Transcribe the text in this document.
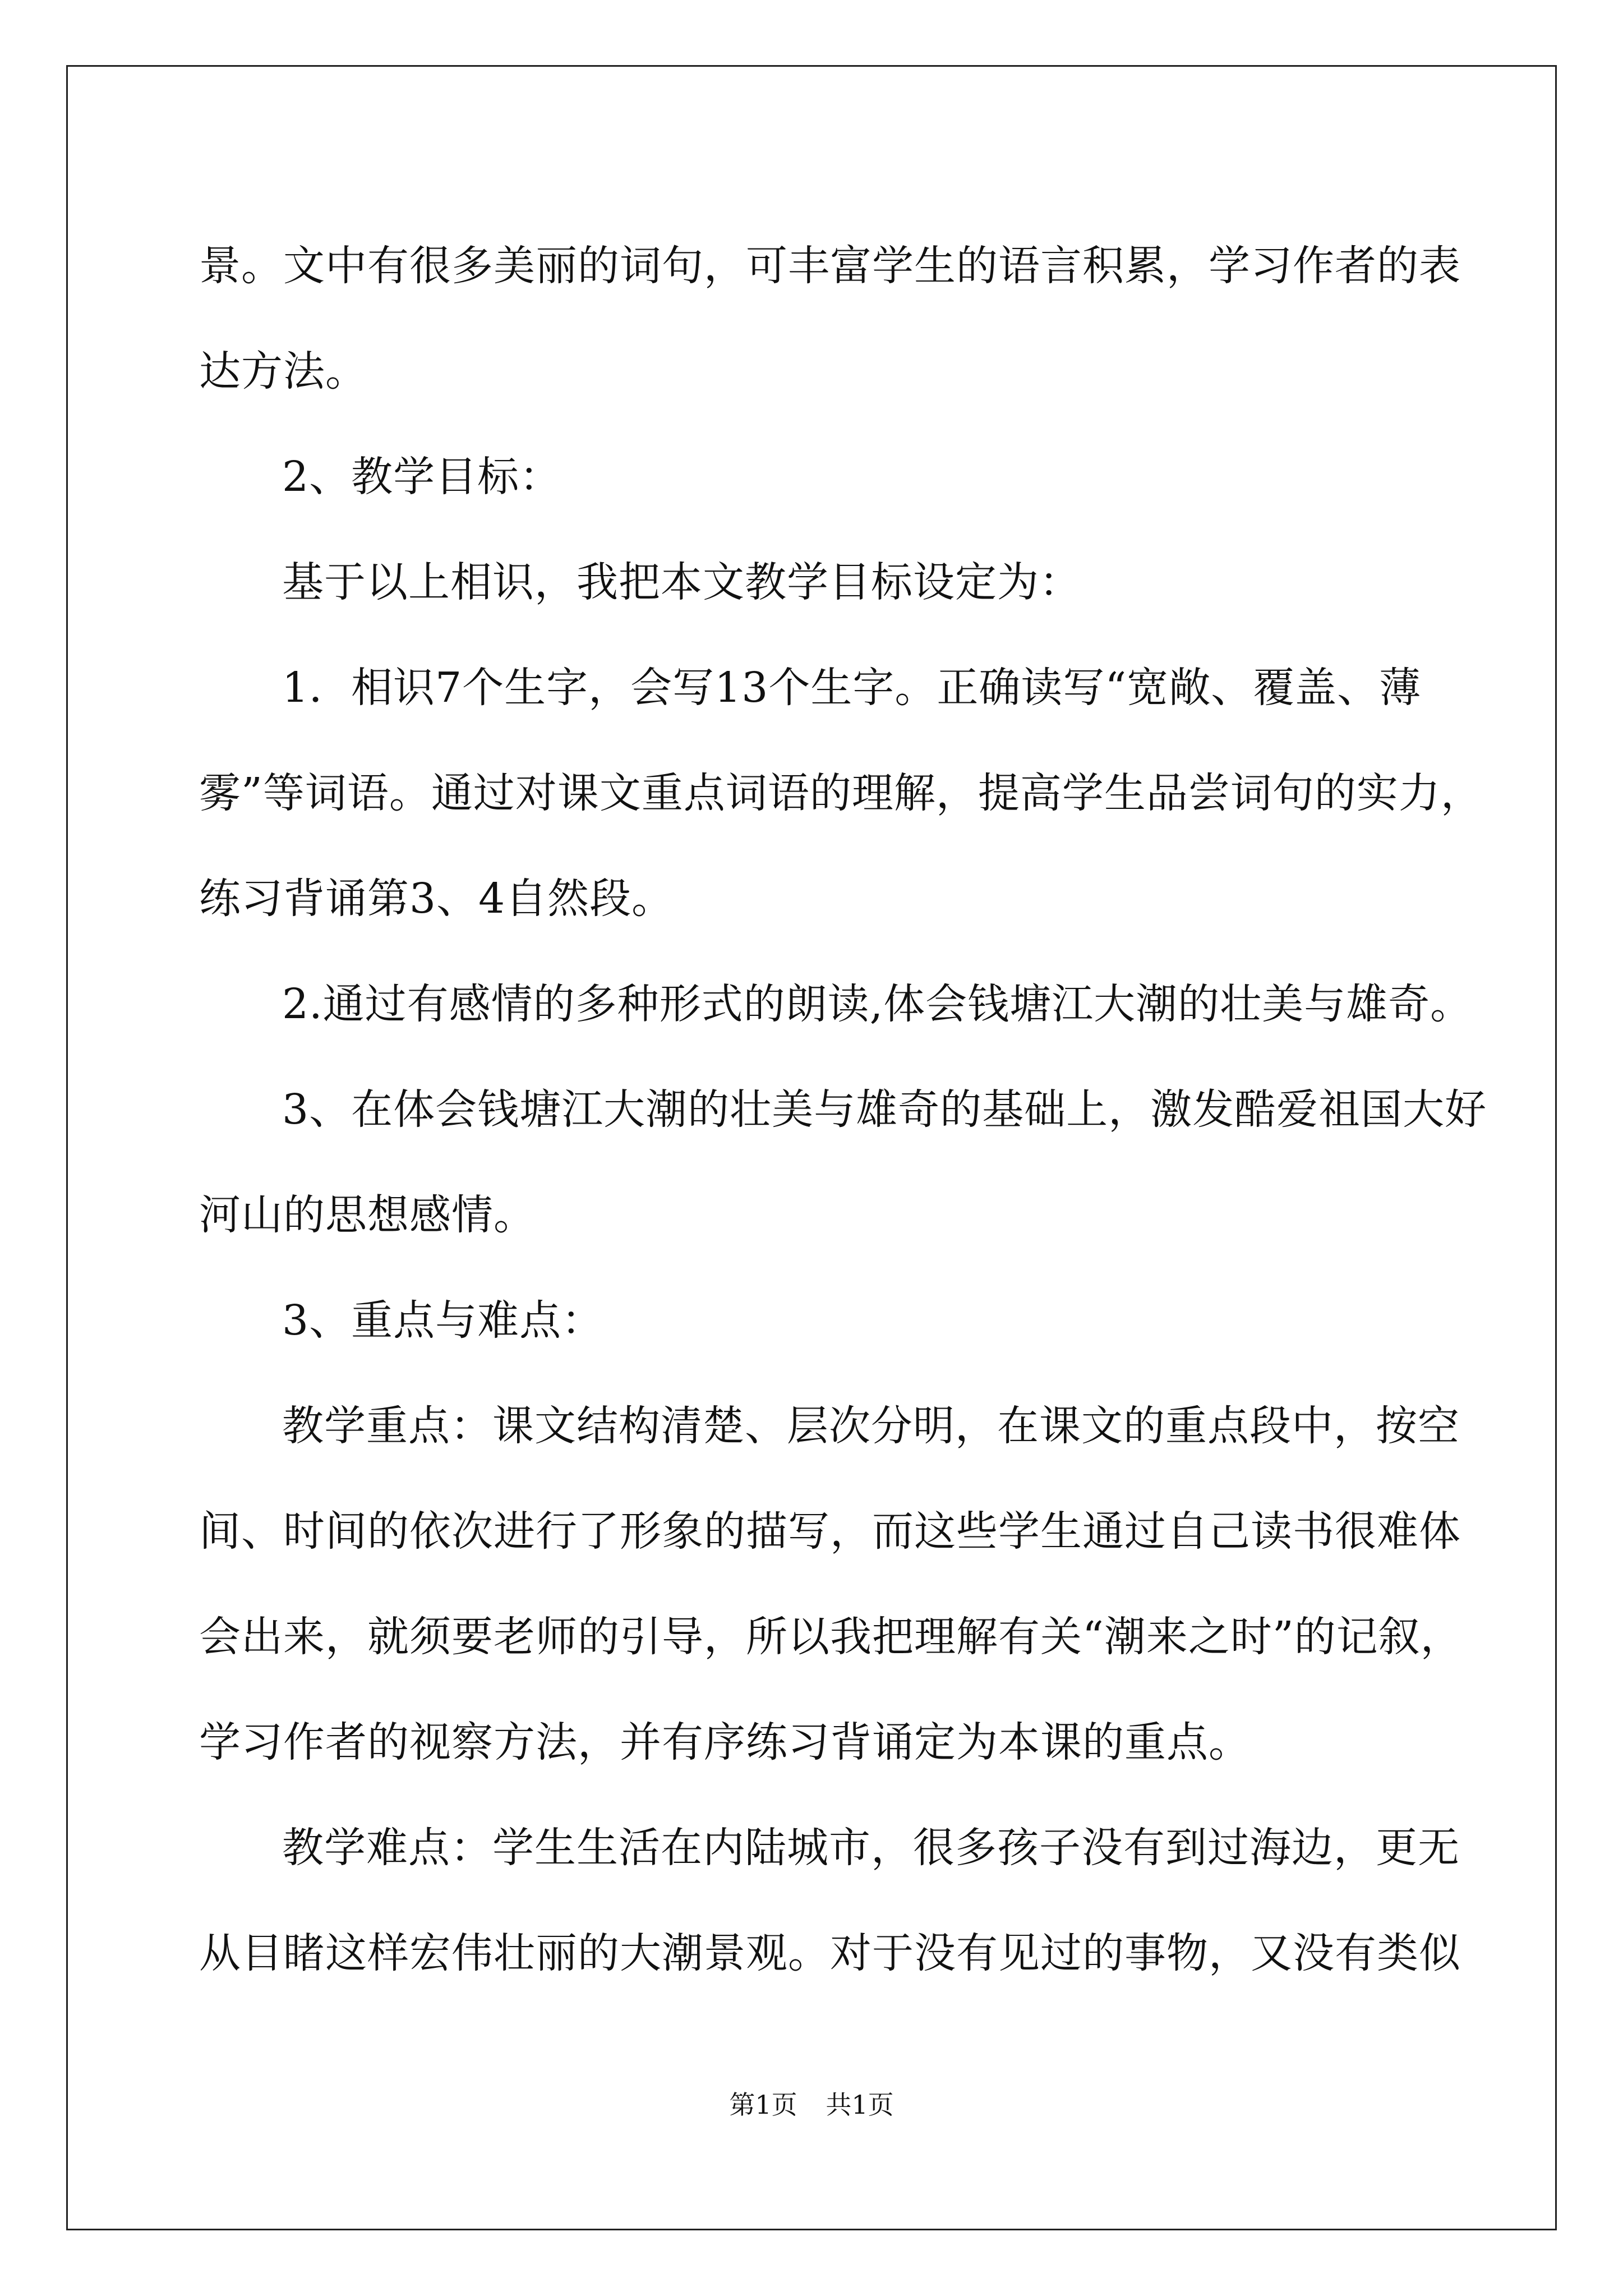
景。文中有很多美丽的词句，可丰富学生的语言积累，学习作者的表
达方法。
2、教学目标：
基于以上相识，我把本文教学目标设定为：
1．相识7个生字，会写13个生字。正确读写“宽敞、覆盖、薄
雾”等词语。通过对课文重点词语的理解，提高学生品尝词句的实力，
练习背诵第3、4自然段。
2.通过有感情的多种形式的朗读,体会钱塘江大潮的壮美与雄奇。
3、在体会钱塘江大潮的壮美与雄奇的基础上，激发酷爱祖国大好
河山的思想感情。
3、重点与难点：
教学重点：课文结构清楚、层次分明，在课文的重点段中，按空
间、时间的依次进行了形象的描写，而这些学生通过自己读书很难体
会出来，就须要老师的引导，所以我把理解有关“潮来之时”的记叙，
学习作者的视察方法，并有序练习背诵定为本课的重点。
教学难点：学生生活在内陆城市，很多孩子没有到过海边，更无
从目睹这样宏伟壮丽的大潮景观。对于没有见过的事物，又没有类似
第1页 共1页
